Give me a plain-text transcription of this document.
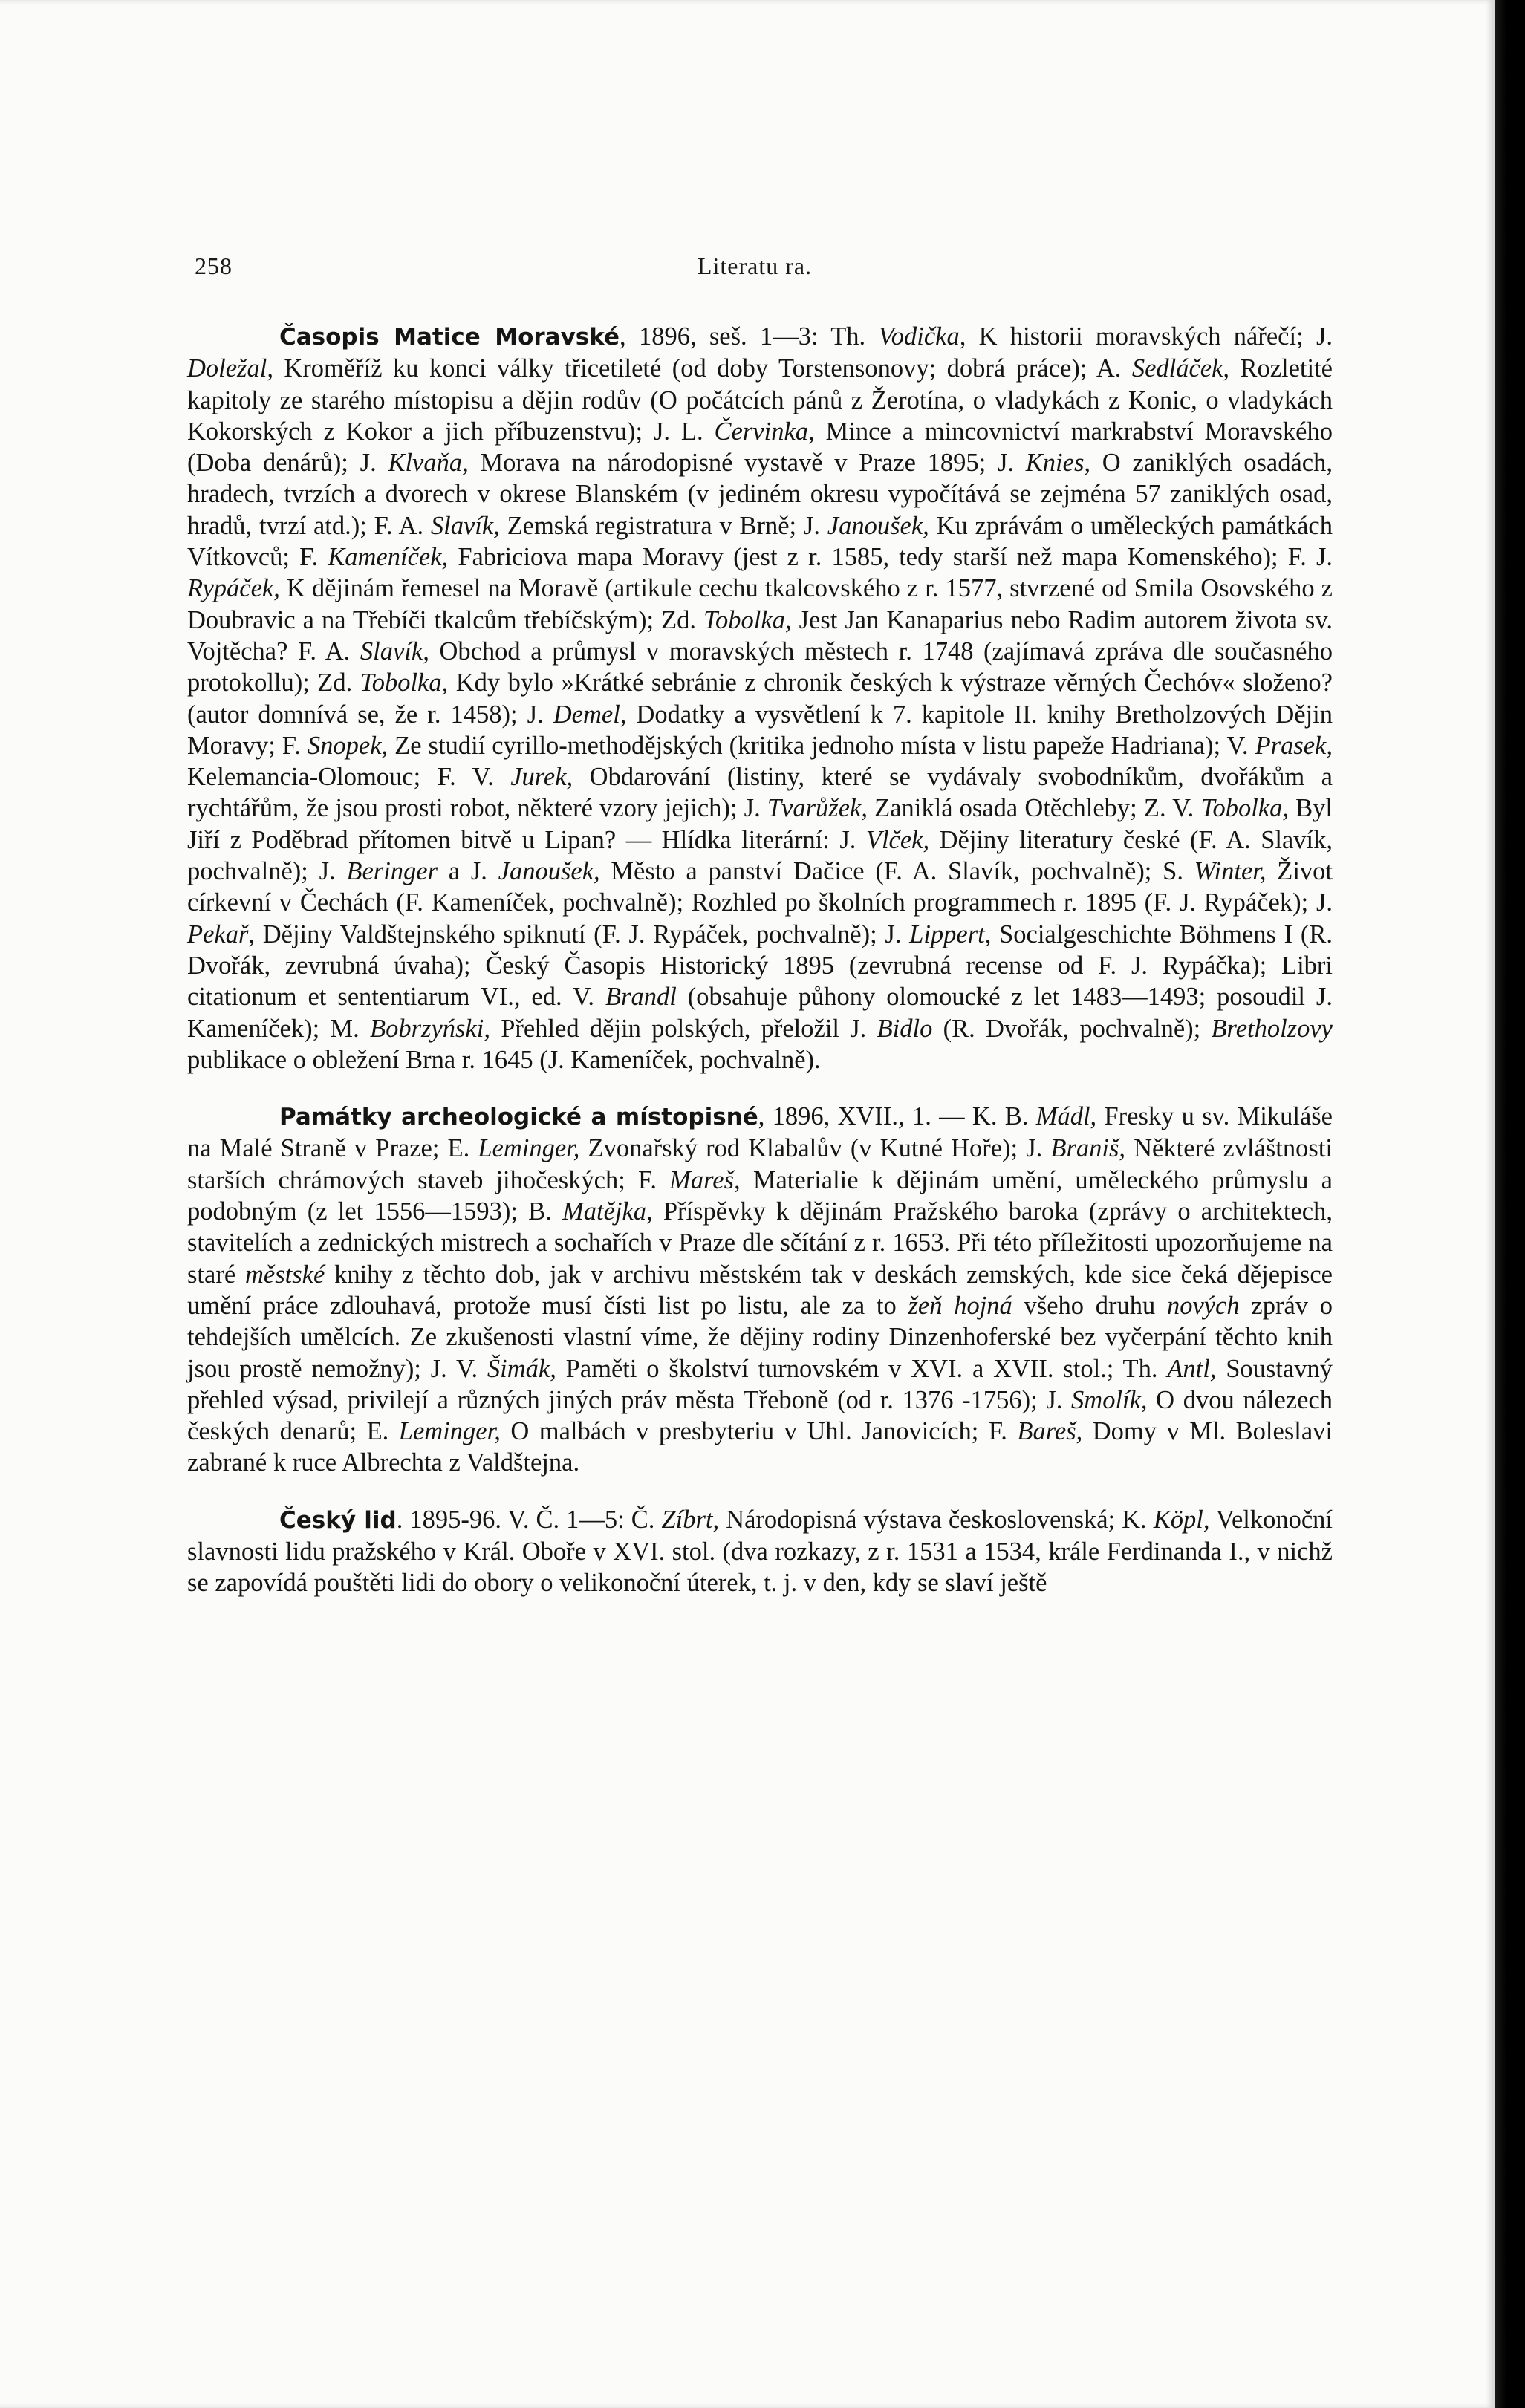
258	Literatu ra.

Časopis Matice Moravské, 1896, seš. 1—3: Th. Vodička, K historii moravských nářečí; J. Doležal, Kroměříž ku konci války třicetileté (od doby Torstensonovy; dobrá práce); A. Sedláček, Rozletité kapitoly ze starého místopisu a dějin rodův (O počátcích pánů z Žerotína, o vladykách z Konic, o vladykách Kokorských z Kokor a jich příbuzenstvu); J. L. Červinka, Mince a mincovnictví markrabství Moravského (Doba denárů); J. Klvaňa, Morava na národopisné vystavě v Praze 1895; J. Knies, O zaniklých osadách, hradech, tvrzích a dvorech v okrese Blanském (v jediném okresu vypočítává se zejména 57 zaniklých osad, hradů, tvrzí atd.); F. A. Slavík, Zemská registratura v Brně; J. Janoušek, Ku zprávám o uměleckých památkách Vítkovců; F. Kameníček, Fabriciova mapa Moravy (jest z r. 1585, tedy starší než mapa Komenského); F. J. Rypáček, K dějinám řemesel na Moravě (artikule cechu tkalcovského z r. 1577, stvrzené od Smila Osovského z Doubravic a na Třebíči tkalcům třebíčským); Zd. Tobolka, Jest Jan Kanaparius nebo Radim autorem života sv. Vojtěcha? F. A. Slavík, Obchod a průmysl v moravských městech r. 1748 (zajímavá zpráva dle současného protokollu); Zd. Tobolka, Kdy bylo »Krátké sebránie z chronik českých k výstraze věrných Čechóv« složeno? (autor domnívá se, že r. 1458); J. Demel, Dodatky a vysvětlení k 7. kapitole II. knihy Bretholzových Dějin Moravy; F. Snopek, Ze studií cyrillo-methodějských (kritika jednoho místa v listu papeže Hadriana); V. Prasek, Kelemancia-Olomouc; F. V. Jurek, Obdarování (listiny, které se vydávaly svobodníkům, dvořákům a rychtářům, že jsou prosti robot, některé vzory jejich); J. Tvarůžek, Zaniklá osada Otěchleby; Z. V. Tobolka, Byl Jiří z Poděbrad přítomen bitvě u Lipan? — Hlídka literární: J. Vlček, Dějiny literatury české (F. A. Slavík, pochvalně); J. Beringer a J. Janoušek, Město a panství Dačice (F. A. Slavík, pochvalně); S. Winter, Život církevní v Čechách (F. Kameníček, pochvalně); Rozhled po školních programmech r. 1895 (F. J. Rypáček); J. Pekař, Dějiny Valdštejnského spiknutí (F. J. Rypáček, pochvalně); J. Lippert, Socialgeschichte Böhmens I (R. Dvořák, zevrubná úvaha); Český Časopis Historický 1895 (zevrubná recense od F. J. Rypáčka); Libri citationum et sententiarum VI., ed. V. Brandl (obsahuje půhony olomoucké z let 1483—1493; posoudil J. Kameníček); M. Bobrzyński, Přehled dějin polských, přeložil J. Bidlo (R. Dvořák, pochvalně); Bretholzovy publikace o obležení Brna r. 1645 (J. Kameníček, pochvalně).

Památky archeologické a místopisné, 1896, XVII., 1. — K. B. Mádl, Fresky u sv. Mikuláše na Malé Straně v Praze; E. Leminger, Zvonařský rod Klabalův (v Kutné Hoře); J. Braniš, Některé zvláštnosti starších chrámových staveb jihočeských; F. Mareš, Materialie k dějinám umění, uměleckého průmyslu a podobným (z let 1556—1593); B. Matějka, Příspěvky k dějinám Pražského baroka (zprávy o architektech, stavitelích a zednických mistrech a sochařích v Praze dle sčítání z r. 1653. Při této příležitosti upozorňujeme na staré městské knihy z těchto dob, jak v archivu městském tak v deskách zemských, kde sice čeká dějepisce umění práce zdlouhavá, protože musí čísti list po listu, ale za to žeň hojná všeho druhu nových zpráv o tehdejších umělcích. Ze zkušenosti vlastní víme, že dějiny rodiny Dinzenhoferské bez vyčerpání těchto knih jsou prostě nemožny); J. V. Šimák, Paměti o školství turnovském v XVI. a XVII. stol.; Th. Antl, Soustavný přehled výsad, privilejí a různých jiných práv města Třeboně (od r. 1376 -1756); J. Smolík, O dvou nálezech českých denarů; E. Leminger, O malbách v presbyteriu v Uhl. Janovicích; F. Bareš, Domy v Ml. Boleslavi zabrané k ruce Albrechta z Valdštejna.

Český lid. 1895-96. V. Č. 1—5: Č. Zíbrt, Národopisná výstava československá; K. Köpl, Velkonoční slavnosti lidu pražského v Král. Oboře v XVI. stol. (dva rozkazy, z r. 1531 a 1534, krále Ferdinanda I., v nichž se zapovídá pouštěti lidi do obory o velikonoční úterek, t. j. v den, kdy se slaví ještě
